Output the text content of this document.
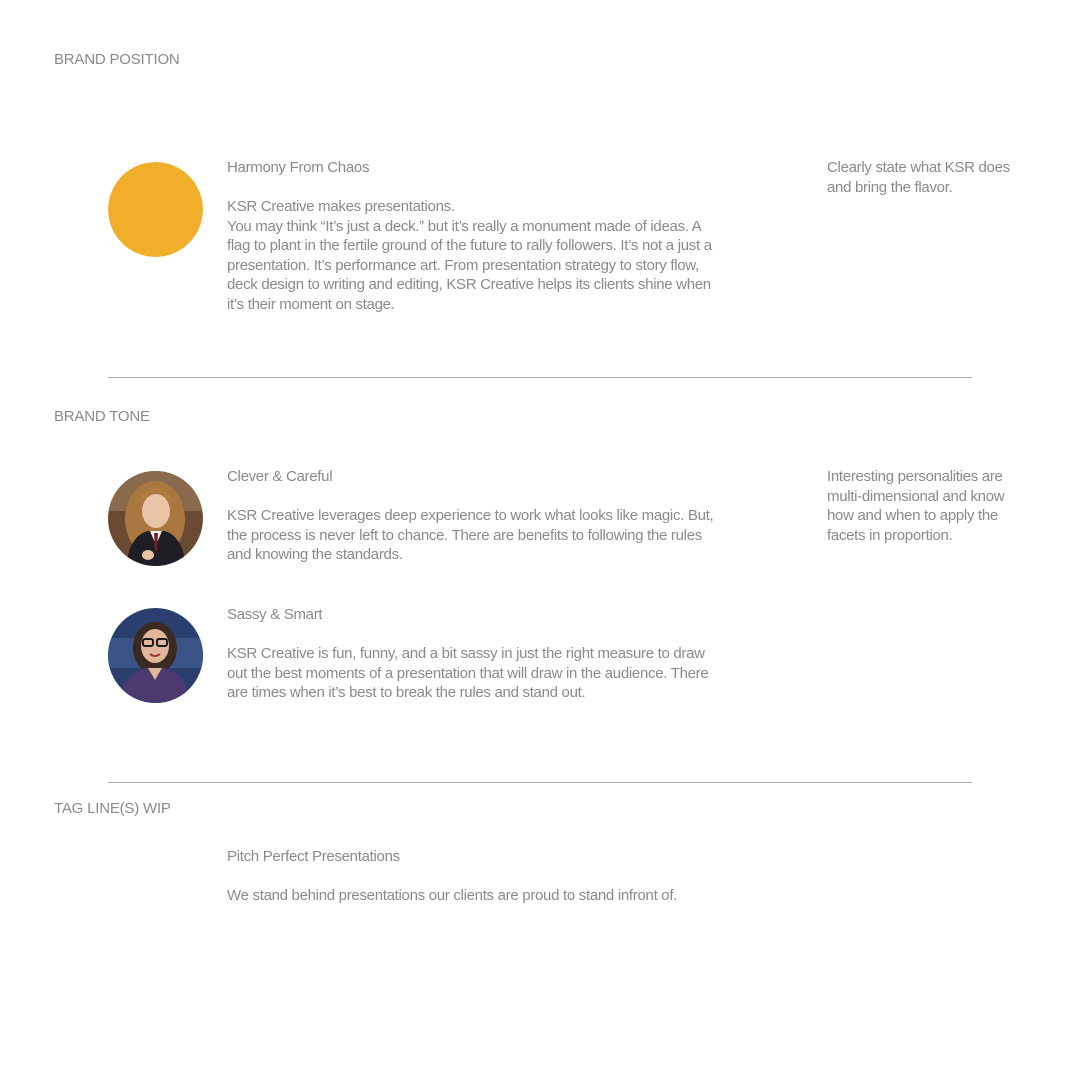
BRAND POSITION
Harmony From Chaos
KSR Creative makes presentations.
You may think “It’s just a deck.” but it’s really a monument made of ideas. A flag to plant in the fertile ground of the future to rally followers. It’s not a just a presentation. It’s performance art. From presentation strategy to story flow, deck design to writing and editing, KSR Creative helps its clients shine when it’s their moment on stage.
Clearly state what KSR does and bring the flavor.
BRAND TONE
Clever & Careful
KSR Creative leverages deep experience to work what looks like magic. But, the process is never left to chance. There are benefits to following the rules and knowing the standards.
Interesting personalities are multi-dimensional and know how and when to apply the facets in proportion.
Sassy & Smart
KSR Creative is fun, funny, and a bit sassy in just the right measure to draw out the best moments of a presentation that will draw in the audience. There are times when it’s best to break the rules and stand out.
TAG LINE(S) WIP
Pitch Perfect Presentations
We stand behind presentations our clients are proud to stand infront of.
